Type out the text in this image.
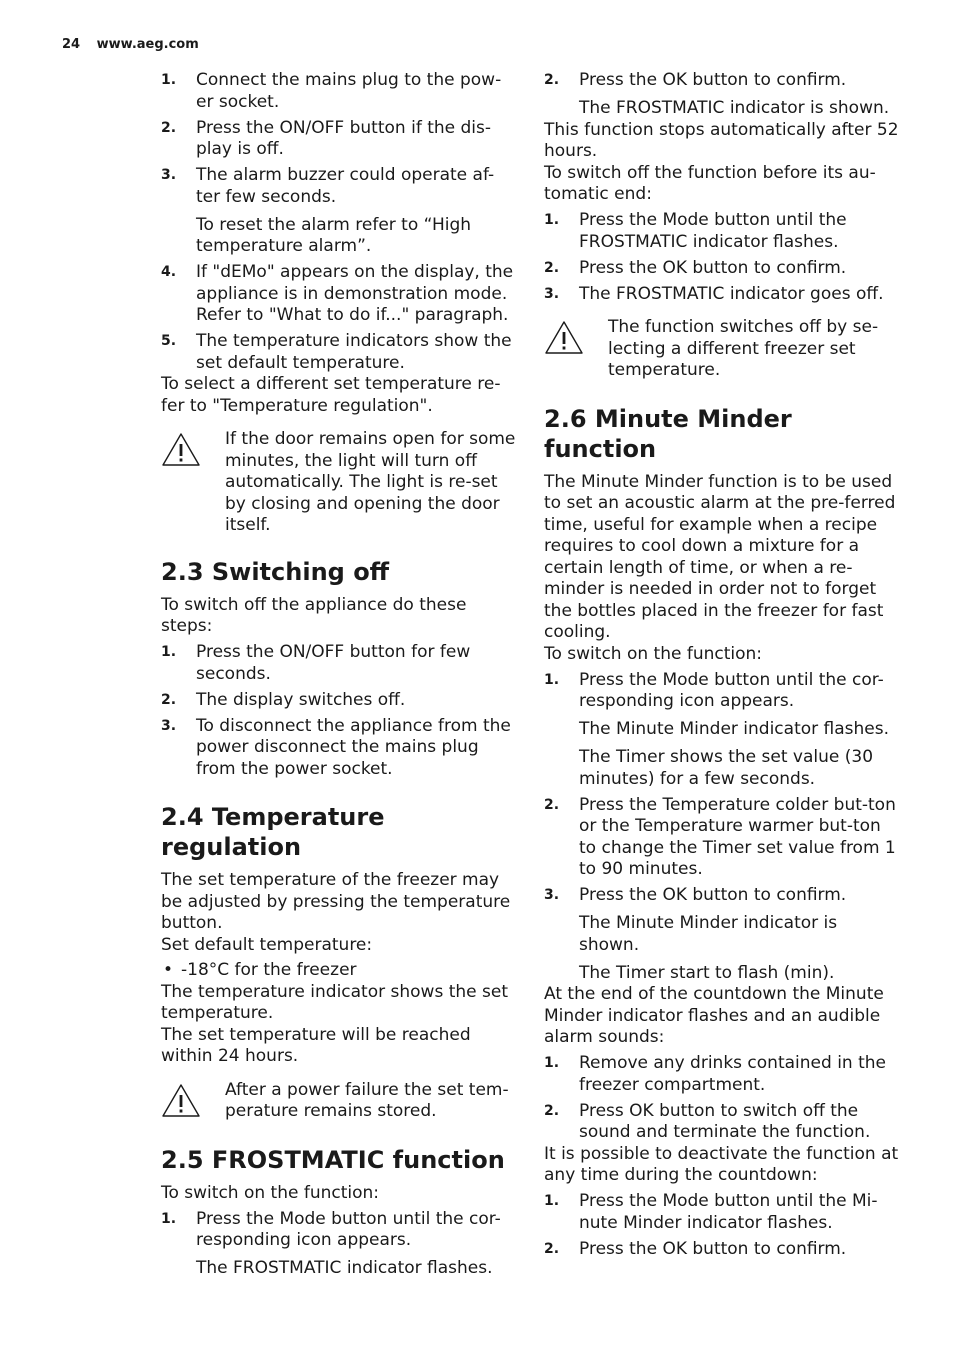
24 www.aeg.com
1. Connect the mains plug to the pow-er socket.
2. Press the ON/OFF button if the dis-play is off.
3. The alarm buzzer could operate af-ter few seconds.
To reset the alarm refer to “High temperature alarm”.
4. If "dEMo" appears on the display, the appliance is in demonstration mode. Refer to "What to do if..." paragraph.
5. The temperature indicators show the set default temperature.

To select a different set temperature re-fer to "Temperature regulation".

If the door remains open for some minutes, the light will turn off automatically. The light is re-set by closing and opening the door itself.
2.3 Switching off

To switch off the appliance do these steps:

1. Press the ON/OFF button for few seconds.
2. The display switches off.
3. To disconnect the appliance from the power disconnect the mains plug from the power socket.
2.4 Temperature regulation

The set temperature of the freezer may be adjusted by pressing the temperature button.

Set default temperature:

• -18°C for the freezer

The temperature indicator shows the set temperature.

The set temperature will be reached within 24 hours.

After a power failure the set tem-perature remains stored.
2.5 FROSTMATIC function

To switch on the function:

1. Press the Mode button until the cor-responding icon appears.
The FROSTMATIC indicator flashes.
2. Press the OK button to confirm.
The FROSTMATIC indicator is shown.

This function stops automatically after 52 hours.

To switch off the function before its au-tomatic end:

1. Press the Mode button until the FROSTMATIC indicator flashes.
2. Press the OK button to confirm.
3. The FROSTMATIC indicator goes off.
The function switches off by se-lecting a different freezer set temperature.
2.6 Minute Minder function

The Minute Minder function is to be used to set an acoustic alarm at the pre-ferred time, useful for example when a recipe requires to cool down a mixture for a certain length of time, or when a re-minder is needed in order not to forget the bottles placed in the freezer for fast cooling.

To switch on the function:

1. Press the Mode button until the cor-responding icon appears.
The Minute Minder indicator flashes.
The Timer shows the set value (30 minutes) for a few seconds.
2. Press the Temperature colder but-ton or the Temperature warmer but-ton to change the Timer set value from 1 to 90 minutes.
3. Press the OK button to confirm.
The Minute Minder indicator is shown.
The Timer start to flash (min).

At the end of the countdown the Minute Minder indicator flashes and an audible alarm sounds:

1. Remove any drinks contained in the freezer compartment.
2. Press OK button to switch off the sound and terminate the function.

It is possible to deactivate the function at any time during the countdown:

1. Press the Mode button until the Mi-nute Minder indicator flashes.
2. Press the OK button to confirm.
